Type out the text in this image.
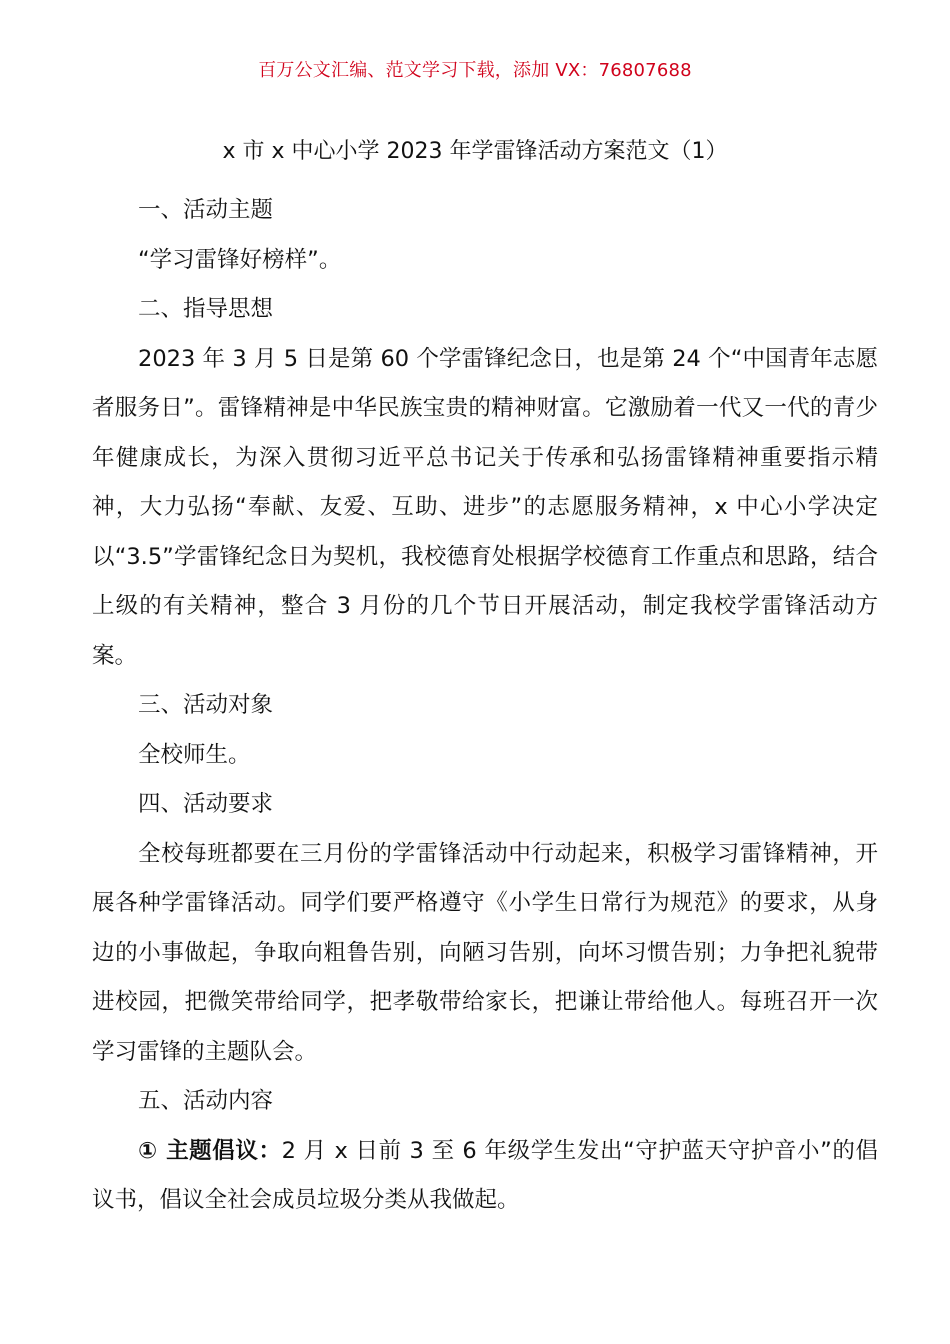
百万公文汇编、范文学习下载，添加 VX：76807688
x 市 x 中心小学 2023 年学雷锋活动方案范文（1）

一、活动主题

“学习雷锋好榜样”。

二、指导思想

2023 年 3 月 5 日是第 60 个学雷锋纪念日，也是第 24 个“中国青年志愿者服务日”。雷锋精神是中华民族宝贵的精神财富。它激励着一代又一代的青少年健康成长，为深入贯彻习近平总书记关于传承和弘扬雷锋精神重要指示精神，大力弘扬“奉献、友爱、互助、进步”的志愿服务精神，x 中心小学决定以“3.5”学雷锋纪念日为契机，我校德育处根据学校德育工作重点和思路，结合上级的有关精神，整合 3 月份的几个节日开展活动，制定我校学雷锋活动方案。

三、活动对象

全校师生。

四、活动要求

全校每班都要在三月份的学雷锋活动中行动起来，积极学习雷锋精神，开展各种学雷锋活动。同学们要严格遵守《小学生日常行为规范》的要求，从身边的小事做起，争取向粗鲁告别，向陋习告别，向坏习惯告别；力争把礼貌带进校园，把微笑带给同学，把孝敬带给家长，把谦让带给他人。每班召开一次学习雷锋的主题队会。

五、活动内容

① 主题倡议：2 月 x 日前 3 至 6 年级学生发出“守护蓝天守护音小”的倡议书，倡议全社会成员垃圾分类从我做起。
